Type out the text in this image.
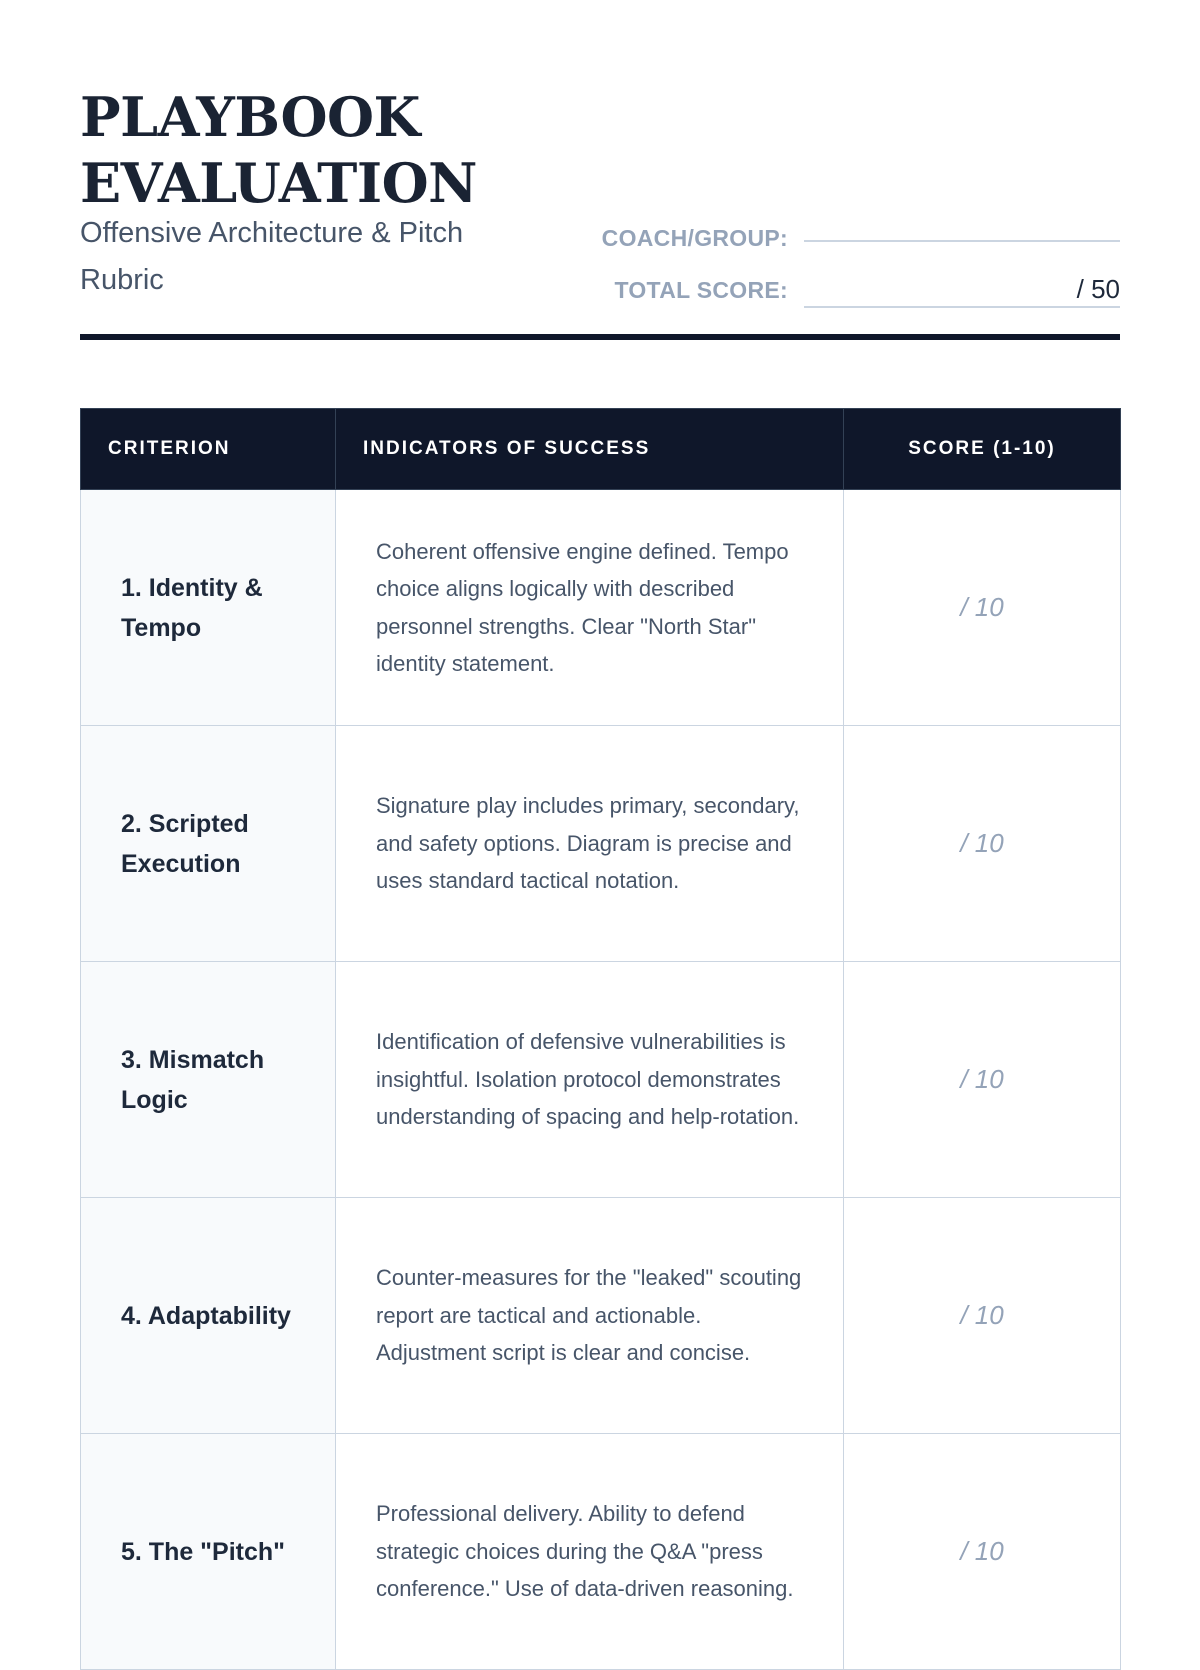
PLAYBOOK
EVALUATION
Offensive Architecture & Pitch Rubric
COACH/GROUP:
TOTAL SCORE:	/ 50
CRITERION	INDICATORS OF SUCCESS	SCORE (1-10)
1. Identity & Tempo	Coherent offensive engine defined. Tempo choice aligns logically with described personnel strengths. Clear "North Star" identity statement.	/ 10
2. Scripted Execution	Signature play includes primary, secondary, and safety options. Diagram is precise and uses standard tactical notation.	/ 10
3. Mismatch Logic	Identification of defensive vulnerabilities is insightful. Isolation protocol demonstrates understanding of spacing and help-rotation.	/ 10
4. Adaptability	Counter-measures for the "leaked" scouting report are tactical and actionable. Adjustment script is clear and concise.	/ 10
5. The "Pitch"	Professional delivery. Ability to defend strategic choices during the Q&A "press conference." Use of data-driven reasoning.	/ 10
